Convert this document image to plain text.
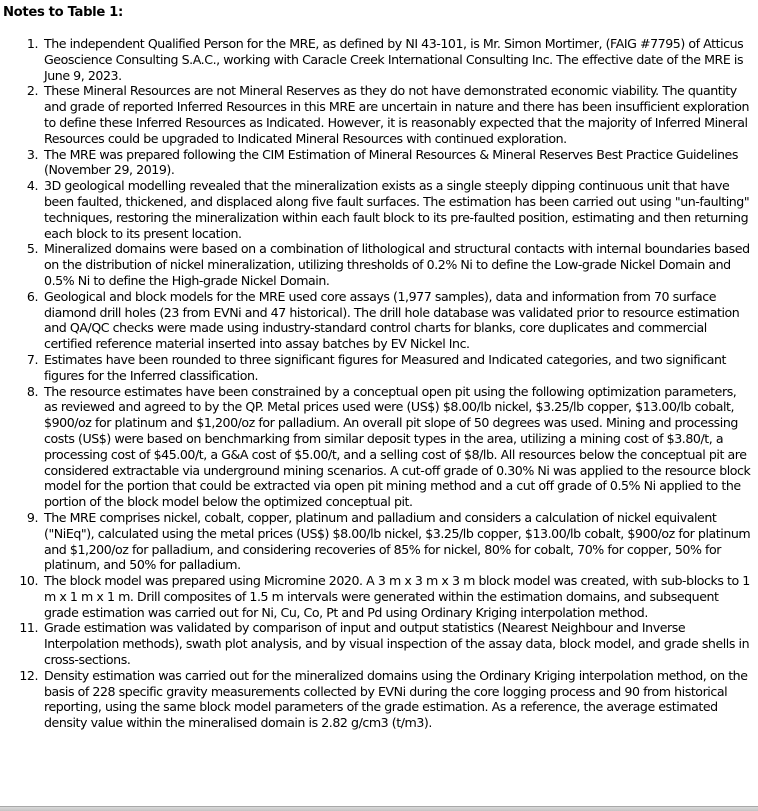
Notes to Table 1:
1. The independent Qualified Person for the MRE, as defined by NI 43-101, is Mr. Simon Mortimer, (FAIG #7795) of Atticus Geoscience Consulting S.A.C., working with Caracle Creek International Consulting Inc. The effective date of the MRE is June 9, 2023.
2. These Mineral Resources are not Mineral Reserves as they do not have demonstrated economic viability. The quantity and grade of reported Inferred Resources in this MRE are uncertain in nature and there has been insufficient exploration to define these Inferred Resources as Indicated. However, it is reasonably expected that the majority of Inferred Mineral Resources could be upgraded to Indicated Mineral Resources with continued exploration.
3. The MRE was prepared following the CIM Estimation of Mineral Resources & Mineral Reserves Best Practice Guidelines (November 29, 2019).
4. 3D geological modelling revealed that the mineralization exists as a single steeply dipping continuous unit that have been faulted, thickened, and displaced along five fault surfaces. The estimation has been carried out using "un-faulting" techniques, restoring the mineralization within each fault block to its pre-faulted position, estimating and then returning each block to its present location.
5. Mineralized domains were based on a combination of lithological and structural contacts with internal boundaries based on the distribution of nickel mineralization, utilizing thresholds of 0.2% Ni to define the Low-grade Nickel Domain and 0.5% Ni to define the High-grade Nickel Domain.
6. Geological and block models for the MRE used core assays (1,977 samples), data and information from 70 surface diamond drill holes (23 from EVNi and 47 historical). The drill hole database was validated prior to resource estimation and QA/QC checks were made using industry-standard control charts for blanks, core duplicates and commercial certified reference material inserted into assay batches by EV Nickel Inc.
7. Estimates have been rounded to three significant figures for Measured and Indicated categories, and two significant figures for the Inferred classification.
8. The resource estimates have been constrained by a conceptual open pit using the following optimization parameters, as reviewed and agreed to by the QP. Metal prices used were (US$) $8.00/lb nickel, $3.25/lb copper, $13.00/lb cobalt, $900/oz for platinum and $1,200/oz for palladium. An overall pit slope of 50 degrees was used. Mining and processing costs (US$) were based on benchmarking from similar deposit types in the area, utilizing a mining cost of $3.80/t, a processing cost of $45.00/t, a G&A cost of $5.00/t, and a selling cost of $8/lb. All resources below the conceptual pit are considered extractable via underground mining scenarios. A cut-off grade of 0.30% Ni was applied to the resource block model for the portion that could be extracted via open pit mining method and a cut off grade of 0.5% Ni applied to the portion of the block model below the optimized conceptual pit.
9. The MRE comprises nickel, cobalt, copper, platinum and palladium and considers a calculation of nickel equivalent ("NiEq"), calculated using the metal prices (US$) $8.00/lb nickel, $3.25/lb copper, $13.00/lb cobalt, $900/oz for platinum and $1,200/oz for palladium, and considering recoveries of 85% for nickel, 80% for cobalt, 70% for copper, 50% for platinum, and 50% for palladium.
10. The block model was prepared using Micromine 2020. A 3 m x 3 m x 3 m block model was created, with sub-blocks to 1 m x 1 m x 1 m. Drill composites of 1.5 m intervals were generated within the estimation domains, and subsequent grade estimation was carried out for Ni, Cu, Co, Pt and Pd using Ordinary Kriging interpolation method.
11. Grade estimation was validated by comparison of input and output statistics (Nearest Neighbour and Inverse Interpolation methods), swath plot analysis, and by visual inspection of the assay data, block model, and grade shells in cross-sections.
12. Density estimation was carried out for the mineralized domains using the Ordinary Kriging interpolation method, on the basis of 228 specific gravity measurements collected by EVNi during the core logging process and 90 from historical reporting, using the same block model parameters of the grade estimation. As a reference, the average estimated density value within the mineralised domain is 2.82 g/cm3 (t/m3).
